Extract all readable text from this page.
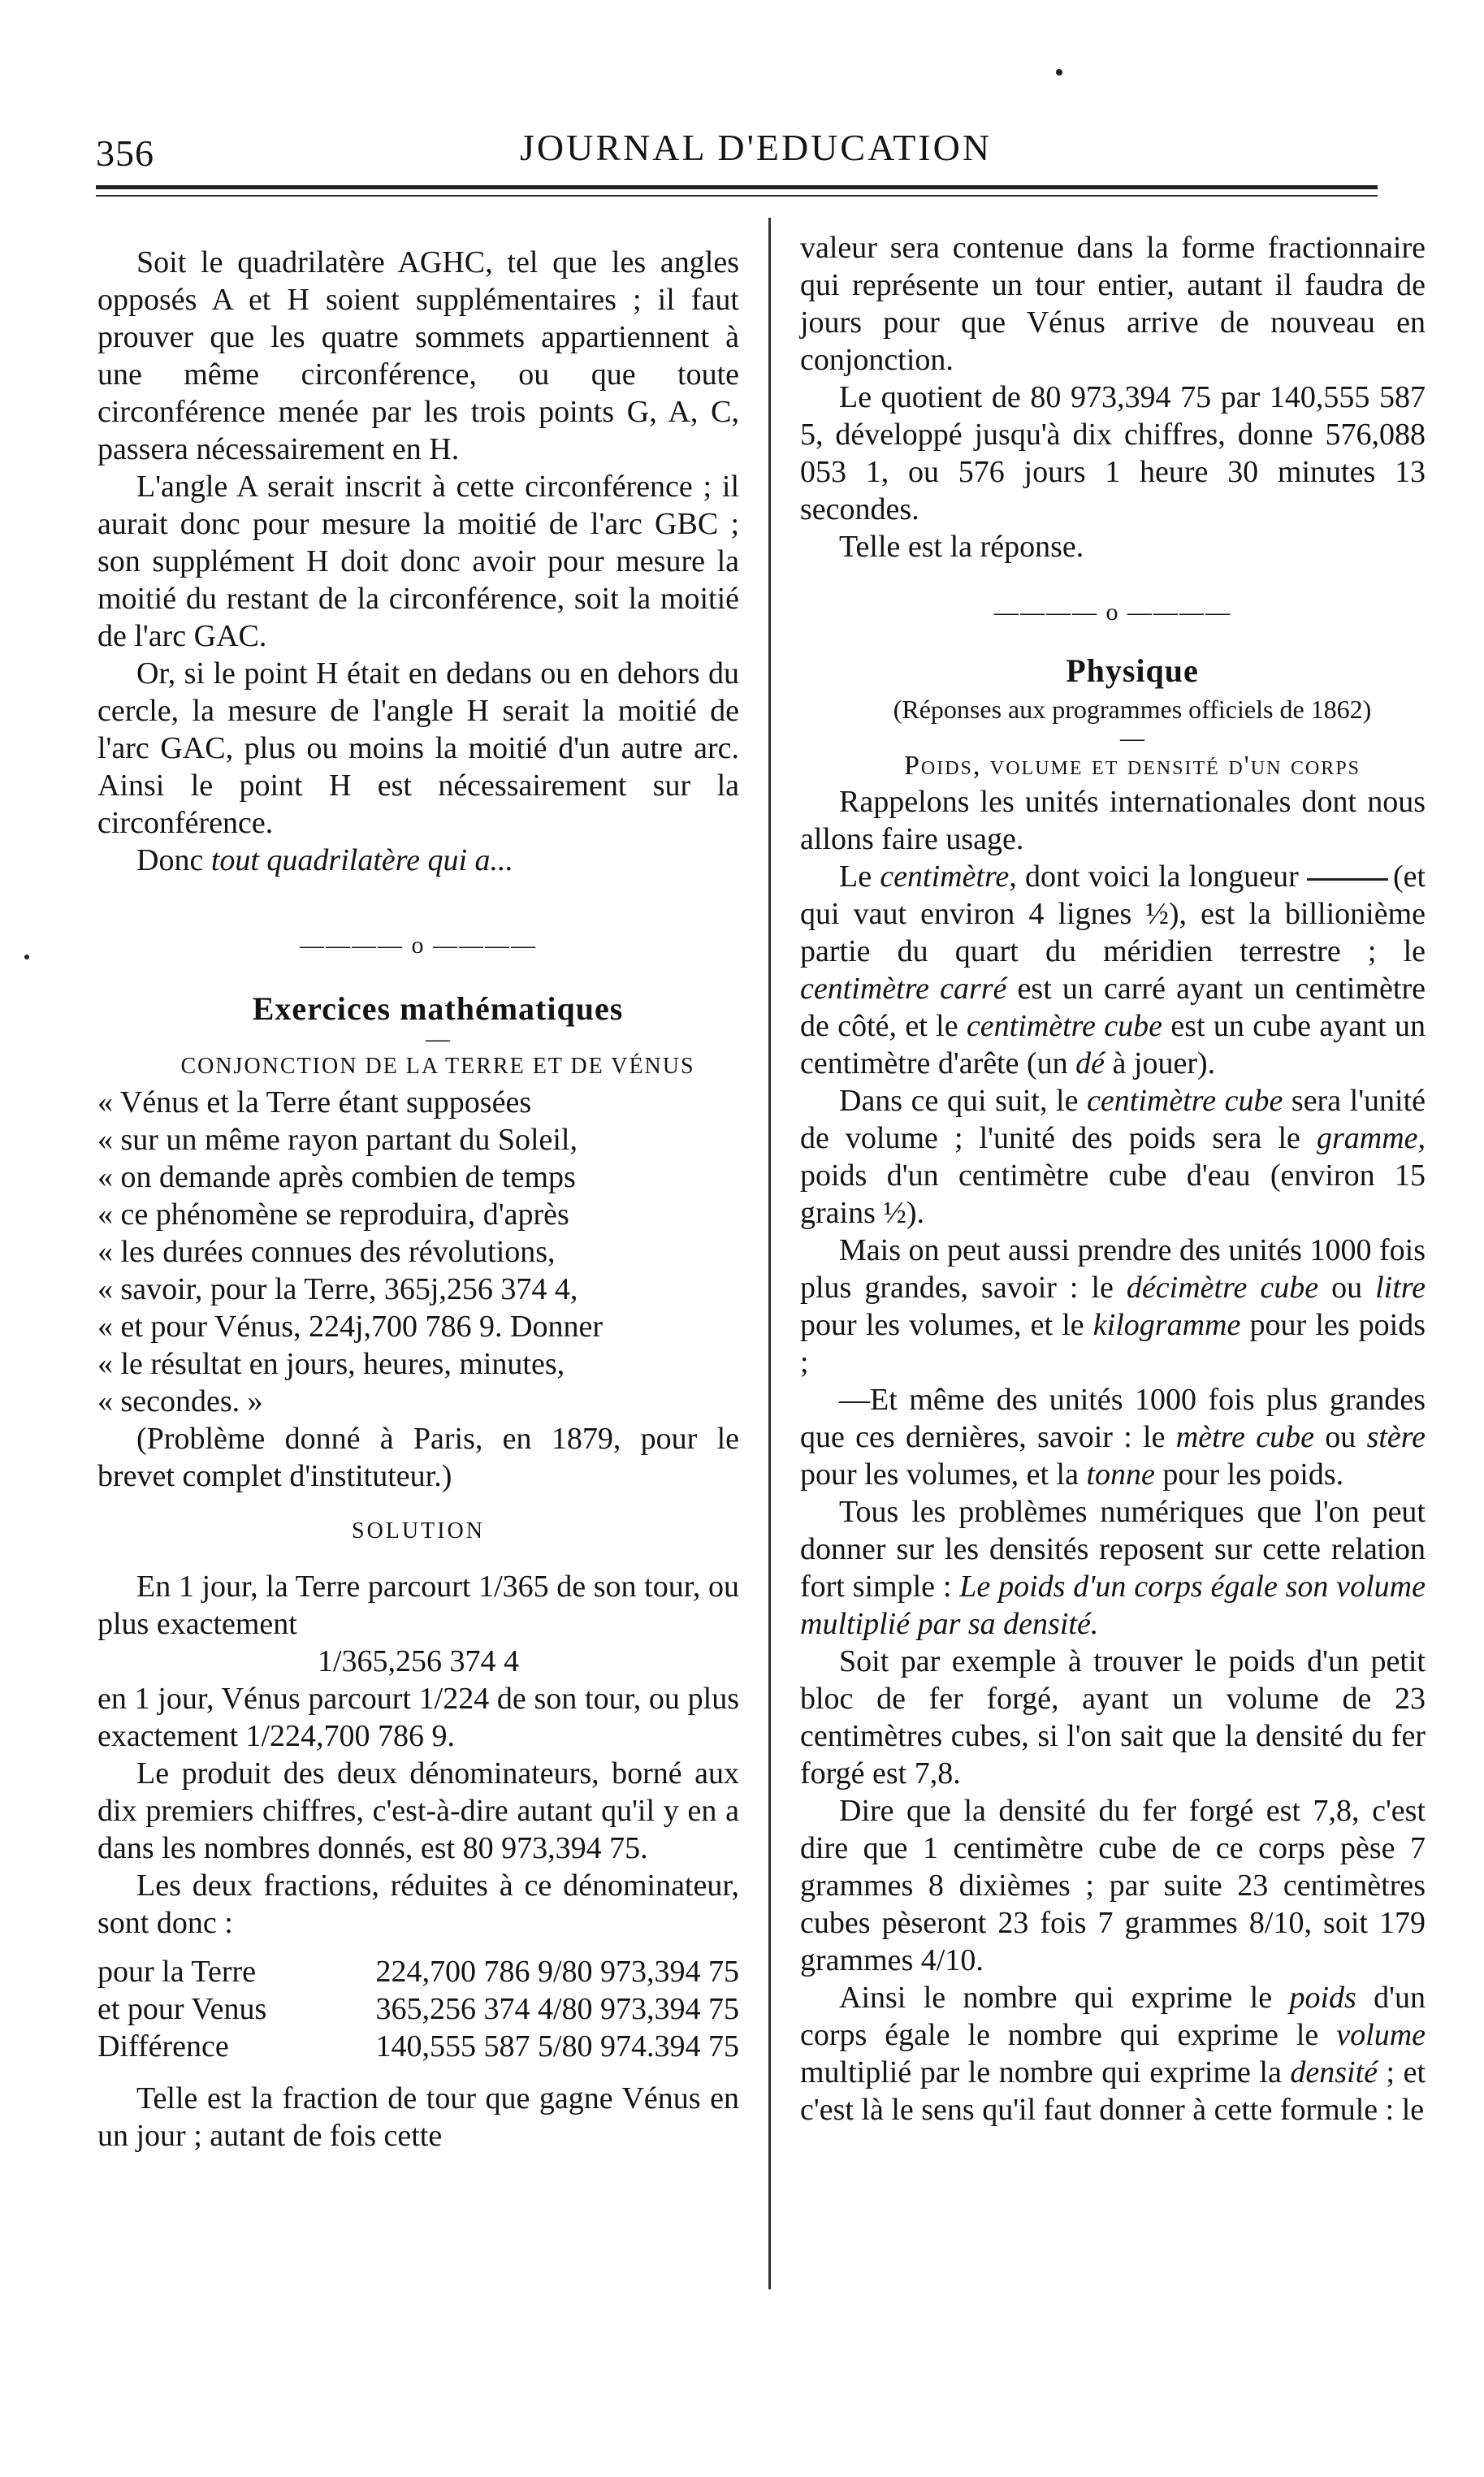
356	JOURNAL D'EDUCATION

Soit le quadrilatère AGHC, tel que les angles opposés A et H soient supplémentaires ; il faut prouver que les quatre sommets appartiennent à une même circonférence, ou que toute circonférence menée par les trois points G, A, C, passera nécessairement en H.

L'angle A serait inscrit à cette circonférence ; il aurait donc pour mesure la moitié de l'arc GBC ; son supplément H doit donc avoir pour mesure la moitié du restant de la circonférence, soit la moitié de l'arc GAC.

Or, si le point H était en dedans ou en dehors du cercle, la mesure de l'angle H serait la moitié de l'arc GAC, plus ou moins la moitié d'un autre arc. Ainsi le point H est nécessairement sur la circonférence.

Donc tout quadrilatère qui a...

———— o ————

Exercices mathématiques

—

CONJONCTION DE LA TERRE ET DE VÉNUS

« Vénus et la Terre étant supposées

« sur un même rayon partant du Soleil,

« on demande après combien de temps

« ce phénomène se reproduira, d'après

« les durées connues des révolutions,

« savoir, pour la Terre, 365j,256 374 4,

« et pour Vénus, 224j,700 786 9. Donner

« le résultat en jours, heures, minutes,

« secondes. »

(Problème donné à Paris, en 1879, pour le brevet complet d'instituteur.)

SOLUTION

En 1 jour, la Terre parcourt 1/365 de son tour, ou plus exactement

1/365,256 374 4

en 1 jour, Vénus parcourt 1/224 de son tour, ou plus exactement 1/224,700 786 9.

Le produit des deux dénominateurs, borné aux dix premiers chiffres, c'est-à-dire autant qu'il y en a dans les nombres donnés, est 80 973,394 75.

Les deux fractions, réduites à ce dénominateur, sont donc :

pour la Terre	224,700 786 9/80 973,394 75
et pour Venus	365,256 374 4/80 973,394 75
Différence	140,555 587 5/80 974.394 75

Telle est la fraction de tour que gagne Vénus en un jour ; autant de fois cette

valeur sera contenue dans la forme fractionnaire qui représente un tour entier, autant il faudra de jours pour que Vénus arrive de nouveau en conjonction.

Le quotient de 80 973,394 75 par 140,555 587 5, développé jusqu'à dix chiffres, donne 576,088 053 1, ou 576 jours 1 heure 30 minutes 13 secondes.

Telle est la réponse.

———— o ————

Physique

(Réponses aux programmes officiels de 1862)

—

Poids, volume et densité d'un corps

Rappelons les unités internationales dont nous allons faire usage.

Le centimètre, dont voici la longueur	(et qui vaut environ 4 lignes ½), est la billionième partie du quart du méridien terrestre ; le centimètre carré est un carré ayant un centimètre de côté, et le centimètre cube est un cube ayant un centimètre d'arête (un dé à jouer).

Dans ce qui suit, le centimètre cube sera l'unité de volume ; l'unité des poids sera le gramme, poids d'un centimètre cube d'eau (environ 15 grains ½).

Mais on peut aussi prendre des unités 1000 fois plus grandes, savoir : le décimètre cube ou litre pour les volumes, et le kilogramme pour les poids ;

—Et même des unités 1000 fois plus grandes que ces dernières, savoir : le mètre cube ou stère pour les volumes, et la tonne pour les poids.

Tous les problèmes numériques que l'on peut donner sur les densités reposent sur cette relation fort simple : Le poids d'un corps égale son volume multiplié par sa densité.

Soit par exemple à trouver le poids d'un petit bloc de fer forgé, ayant un volume de 23 centimètres cubes, si l'on sait que la densité du fer forgé est 7,8.

Dire que la densité du fer forgé est 7,8, c'est dire que 1 centimètre cube de ce corps pèse 7 grammes 8 dixièmes ; par suite 23 centimètres cubes pèseront 23 fois 7 grammes 8/10, soit 179 grammes 4/10.

Ainsi le nombre qui exprime le poids d'un corps égale le nombre qui exprime le volume multiplié par le nombre qui exprime la densité ; et c'est là le sens qu'il faut donner à cette formule : le
